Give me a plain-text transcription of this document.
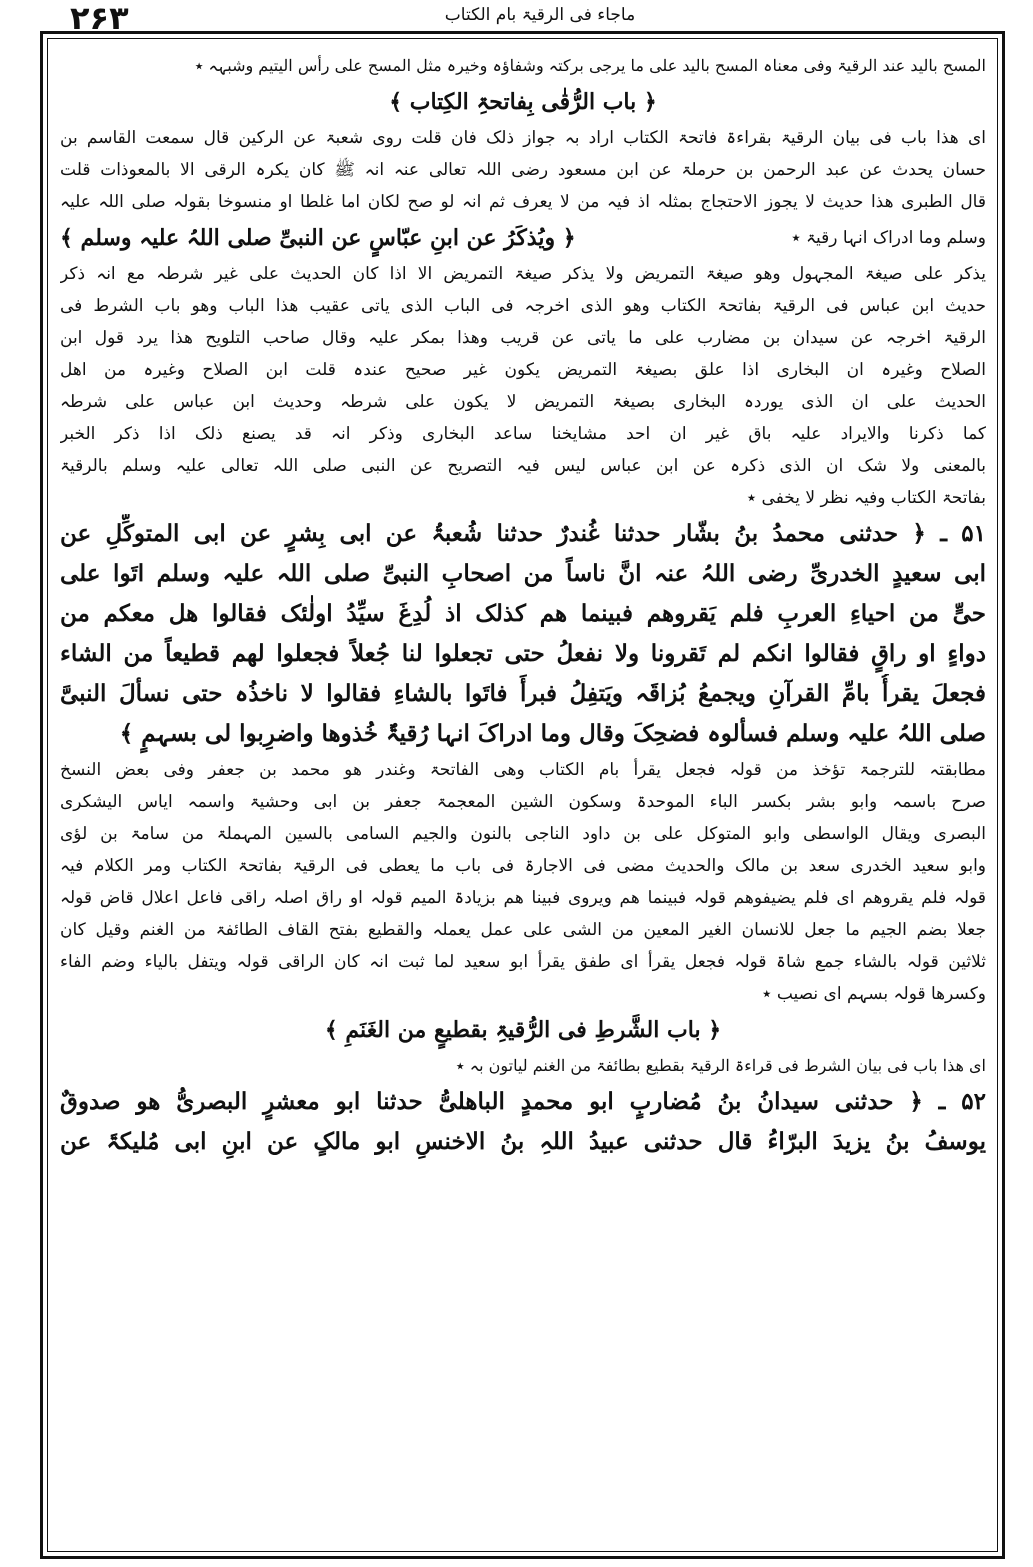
۲۶۳	ماجاء فی الرقیۃ بام الکتاب
المسح بالید عند الرقیۃ وفی معناہ المسح بالید علی ما یرجی برکتہ وشفاؤہ وخیرہ مثل المسح علی رأس الیتیم وشبہہ ٭
﴿ باب الرُّقٰی بِفاتحۃِ الکِتاب ﴾
ای ھذا باب فی بیان الرقیۃ بقراءۃ فاتحۃ الکتاب اراد بہ جواز ذلک فان قلت روی شعبۃ عن الرکین قال سمعت القاسم بن
حسان یحدث عن عبد الرحمن بن حرملۃ عن ابن مسعود رضی اللہ تعالی عنہ انہ ﷺ کان یکرہ الرقی الا بالمعوذات قلت
قال الطبری ھذا حدیث لا یجوز الاحتجاج بمثلہ اذ فیہ من لا یعرف ثم انہ لو صح لکان اما غلطا او منسوخا بقولہ صلی اللہ علیہ
وسلم وما ادراک انہا رقیۃ ٭
﴿ ویُذکَرُ عن ابنِ عبّاسٍ عن النبیِّ صلی اللہُ علیہ وسلم ﴾
یذکر علی صیغۃ المجہول وھو صیغۃ التمریض ولا یذکر صیغۃ التمریض الا اذا کان الحدیث علی غیر شرطہ مع انہ ذکر
حدیث ابن عباس فی الرقیۃ بفاتحۃ الکتاب وھو الذی اخرجہ فی الباب الذی یاتی عقیب ھذا الباب وھو باب الشرط فی
الرقیۃ اخرجہ عن سیدان بن مضارب علی ما یاتی عن قریب وھذا بمکر علیہ وقال صاحب التلویح ھذا یرد قول ابن
الصلاح وغیرہ ان البخاری اذا علق بصیغۃ التمریض یکون غیر صحیح عندہ قلت ابن الصلاح وغیرہ من اھل
الحدیث علی ان الذی یوردہ البخاری بصیغۃ التمریض لا یکون علی شرطہ وحدیث ابن عباس علی شرطہ
کما ذکرنا والایراد علیہ باق غیر ان احد مشایخنا ساعد البخاری وذکر انہ قد یصنع ذلک اذا ذکر الخبر
بالمعنی ولا شک ان الذی ذکرہ عن ابن عباس لیس فیہ التصریح عن النبی صلی اللہ تعالی علیہ وسلم بالرقیۃ
بفاتحۃ الکتاب وفیہ نظر لا یخفی ٭
۵۱ ـ ﴿ حدثنی محمدُ بنُ بشّار حدثنا غُندرٌ حدثنا شُعبۃُ عن ابی بِشرٍ عن ابی المتوکِّلِ عن
ابی سعیدٍ الخدریِّ رضی اللہُ عنہ انَّ ناساً من اصحابِ النبیِّ صلی اللہ علیہ وسلم اتَوا علی
حیٍّ من احیاءِ العربِ فلم یَقروھم فبینما ھم کذلک اذ لُدِغَ سیِّدُ اولٰئک فقالوا ھل معکم من
دواءٍ او راقٍ فقالوا انکم لم تَقرونا ولا نفعلُ حتی تجعلوا لنا جُعلاً فجعلوا لھم قطیعاً من الشاء
فجعلَ یقرأُ بامِّ القرآنِ ویجمعُ بُزاقَہ ویَتفِلُ فبرأَ فاتَوا بالشاءِ فقالوا لا ناخذُہ حتی نسألَ النبیَّ
صلی اللہُ علیہ وسلم فسألوہ فضحِکَ وقال وما ادراکَ انہا رُقیۃٌ خُذوھا واضرِبوا لی بسہمٍ ﴾
مطابقتہ للترجمۃ تؤخذ من قولہ فجعل یقرأ بام الکتاب وھی الفاتحۃ وغندر ھو محمد بن جعفر وفی بعض النسخ
صرح باسمہ وابو بشر بکسر الباء الموحدۃ وسکون الشین المعجمۃ جعفر بن ابی وحشیۃ واسمہ ایاس الیشکری
البصری ویقال الواسطی وابو المتوکل علی بن داود الناجی بالنون والجیم السامی بالسین المہملۃ من سامۃ بن لؤی
وابو سعید الخدری سعد بن مالک والحدیث مضی فی الاجارۃ فی باب ما یعطی فی الرقیۃ بفاتحۃ الکتاب ومر الکلام فیہ
قولہ فلم یقروھم ای فلم یضیفوھم قولہ فبینما ھم ویروی فبینا ھم بزیادۃ المیم قولہ او راق اصلہ راقی فاعل اعلال قاض قولہ
جعلا بضم الجیم ما جعل للانسان الغیر المعین من الشی علی عمل یعملہ والقطیع بفتح القاف الطائفۃ من الغنم وقیل کان
ثلاثین قولہ بالشاء جمع شاۃ قولہ فجعل یقرأ ای طفق یقرأ ابو سعید لما ثبت انہ کان الراقی قولہ ویتفل بالیاء وضم الفاء
وکسرھا قولہ بسہم ای نصیب ٭
﴿ باب الشَّرطِ فی الرُّقیۃِ بقطیعٍ من الغَنَمِ ﴾
ای ھذا باب فی بیان الشرط فی قراءۃ الرقیۃ بقطیع بطائفۃ من الغنم لیاتون بہ ٭
۵۲ ـ ﴿ حدثنی سیدانُ بنُ مُضاربٍ ابو محمدٍ الباھلیُّ حدثنا ابو معشرٍ البصریُّ ھو صدوقٌ
یوسفُ بنُ یزیدَ البرّاءُ قال حدثنی عبیدُ اللہِ بنُ الاخنسِ ابو مالکٍ عن ابنِ ابی مُلیکۃَ عن
